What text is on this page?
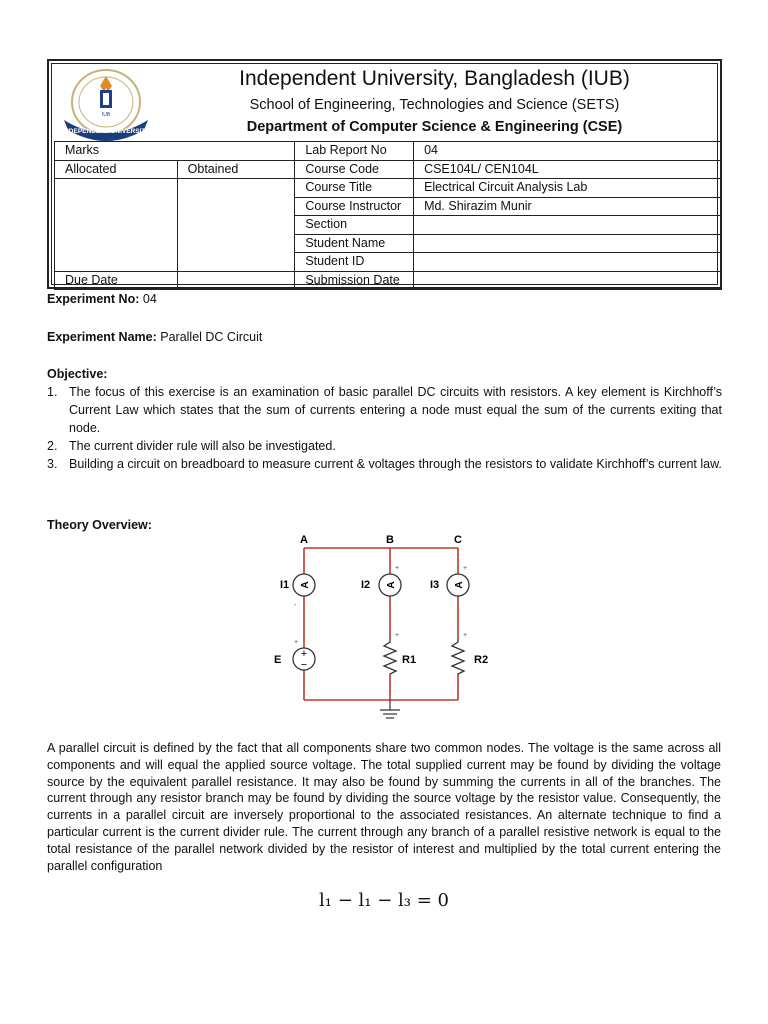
IUB
INDEPENDENT UNIVERSITY
Independent University, Bangladesh (IUB)
School of Engineering, Technologies and Science (SETS)
Department of Computer Science & Engineering (CSE)
Marks		Lab Report No	04
Allocated	Obtained	Course Code	CSE104L/ CEN104L
		Course Title	Electrical Circuit Analysis Lab
		Course Instructor	Md. Shirazim Munir
		Section	
		Student Name	
		Student ID	
Due Date		Submission Date	
Experiment No: 04
Experiment Name: Parallel DC Circuit
Objective:
1. The focus of this exercise is an examination of basic parallel DC circuits with resistors. A key element is Kirchhoff’s Current Law which states that the sum of currents entering a node must equal the sum of the currents exiting that node.
2. The current divider rule will also be investigated.
3. Building a circuit on breadboard to measure current & voltages through the resistors to validate Kirchhoff’s current law.
Theory Overview:
A	B	C
A	A	A
I1	I2	I3
-
+	+
+	+
+
+
−
E	R1	R2
A parallel circuit is defined by the fact that all components share two common nodes. The voltage is the same across all components and will equal the applied source voltage. The total supplied current may be found by dividing the voltage source by the equivalent parallel resistance. It may also be found by summing the currents in all of the branches. The current through any resistor branch may be found by dividing the source voltage by the resistor value. Consequently, the currents in a parallel circuit are inversely proportional to the associated resistances. An alternate technique to find a particular current is the current divider rule. The current through any branch of a parallel resistive network is equal to the total resistance of the parallel network divided by the resistor of interest and multiplied by the total current entering the parallel configuration
l₁ − l₁ − l₃ = 0
